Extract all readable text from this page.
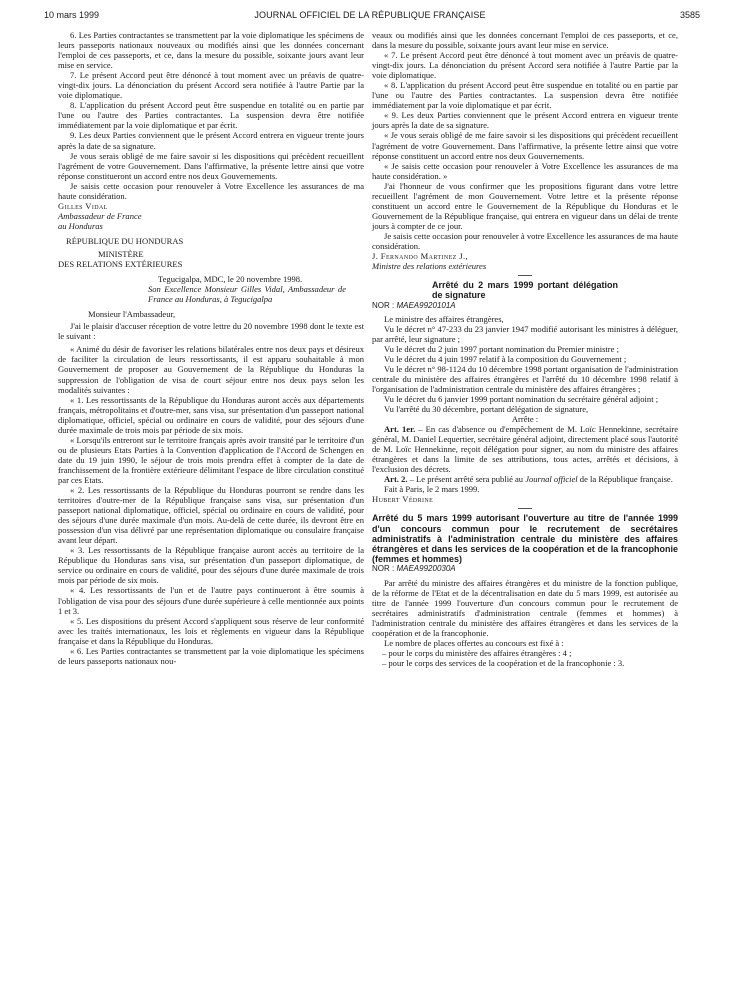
10 mars 1999	JOURNAL OFFICIEL DE LA RÉPUBLIQUE FRANÇAISE	3585

6. Les Parties contractantes se transmettent par la voie diplomatique les spécimens de leurs passeports nationaux nouveaux ou modifiés ainsi que les données concernant l'emploi de ces passeports, et ce, dans la mesure du possible, soixante jours avant leur mise en service.

7. Le présent Accord peut être dénoncé à tout moment avec un préavis de quatre-vingt-dix jours. La dénonciation du présent Accord sera notifiée à l'autre Partie par la voie diplomatique.

8. L'application du présent Accord peut être suspendue en totalité ou en partie par l'une ou l'autre des Parties contractantes. La suspension devra être notifiée immédiatement par la voie diplomatique et par écrit.

9. Les deux Parties conviennent que le présent Accord entrera en vigueur trente jours après la date de sa signature.

Je vous serais obligé de me faire savoir si les dispositions qui précèdent recueillent l'agrément de votre Gouvernement. Dans l'affirmative, la présente lettre ainsi que votre réponse constitueront un accord entre nos deux Gouvernements.

Je saisis cette occasion pour renouveler à Votre Excellence les assurances de ma haute considération.

Gilles Vidal

Ambassadeur de France

au Honduras

RÉPUBLIQUE DU HONDURAS

MINISTÈRE

DES RELATIONS EXTÉRIEURES

Tegucigalpa, MDC, le 20 novembre 1998.

Son Excellence Monsieur Gilles Vidal, Ambassadeur de France au Honduras, à Tegucigalpa

Monsieur l'Ambassadeur,

J'ai le plaisir d'accuser réception de votre lettre du 20 novembre 1998 dont le texte est le suivant :

« Animé du désir de favoriser les relations bilatérales entre nos deux pays et désireux de faciliter la circulation de leurs ressortissants, il est apparu souhaitable à mon Gouvernement de proposer au Gouvernement de la République du Honduras la suppression de l'obligation de visa de court séjour entre nos deux pays selon les modalités suivantes :

« 1. Les ressortissants de la République du Honduras auront accès aux départements français, métropolitains et d'outre-mer, sans visa, sur présentation d'un passeport national diplomatique, officiel, spécial ou ordinaire en cours de validité, pour des séjours d'une durée maximale de trois mois par période de six mois.

« Lorsqu'ils entreront sur le territoire français après avoir transité par le territoire d'un ou de plusieurs Etats Parties à la Convention d'application de l'Accord de Schengen en date du 19 juin 1990, le séjour de trois mois prendra effet à compter de la date de franchissement de la frontière extérieure délimitant l'espace de libre circulation constitué par ces Etats.

« 2. Les ressortissants de la République du Honduras pourront se rendre dans les territoires d'outre-mer de la République française sans visa, sur présentation d'un passeport national diplomatique, officiel, spécial ou ordinaire en cours de validité, pour des séjours d'une durée maximale d'un mois. Au-delà de cette durée, ils devront être en possession d'un visa délivré par une représentation diplomatique ou consulaire française avant leur départ.

« 3. Les ressortissants de la République française auront accès au territoire de la République du Honduras sans visa, sur présentation d'un passeport diplomatique, de service ou ordinaire en cours de validité, pour des séjours d'une durée maximale de trois mois par période de six mois.

« 4. Les ressortissants de l'un et de l'autre pays continueront à être soumis à l'obligation de visa pour des séjours d'une durée supérieure à celle mentionnée aux points 1 et 3.

« 5. Les dispositions du présent Accord s'appliquent sous réserve de leur conformité avec les traités internationaux, les lois et règlements en vigueur dans la République française et dans la République du Honduras.

« 6. Les Parties contractantes se transmettent par la voie diplomatique les spécimens de leurs passeports nationaux nou-

veaux ou modifiés ainsi que les données concernant l'emploi de ces passeports, et ce, dans la mesure du possible, soixante jours avant leur mise en service.

« 7. Le présent Accord peut être dénoncé à tout moment avec un préavis de quatre-vingt-dix jours. La dénonciation du présent Accord sera notifiée à l'autre Partie par la voie diplomatique.

« 8. L'application du présent Accord peut être suspendue en totalité ou en partie par l'une ou l'autre des Parties contractantes. La suspension devra être notifiée immédiatement par la voie diplomatique et par écrit.

« 9. Les deux Parties conviennent que le présent Accord entrera en vigueur trente jours après la date de sa signature.

« Je vous serais obligé de me faire savoir si les dispositions qui précèdent recueillent l'agrément de votre Gouvernement. Dans l'affirmative, la présente lettre ainsi que votre réponse constituent un accord entre nos deux Gouvernements.

« Je saisis cette occasion pour renouveler à Votre Excellence les assurances de ma haute considération. »

J'ai l'honneur de vous confirmer que les propositions figurant dans votre lettre recueillent l'agrément de mon Gouvernement. Votre lettre et la présente réponse constituent un accord entre le Gouvernement de la République du Honduras et le Gouvernement de la République française, qui entrera en vigueur dans un délai de trente jours à compter de ce jour.

Je saisis cette occasion pour renouveler à votre Excellence les assurances de ma haute considération.

J. Fernando Martinez J.,

Ministre des relations extérieures

Arrêté du 2 mars 1999 portant délégation de signature

NOR : MAEA9920101A

Le ministre des affaires étrangères,

Vu le décret n° 47-233 du 23 janvier 1947 modifié autorisant les ministres à déléguer, par arrêté, leur signature ;

Vu le décret du 2 juin 1997 portant nomination du Premier ministre ;

Vu le décret du 4 juin 1997 relatif à la composition du Gouvernement ;

Vu le décret n° 98-1124 du 10 décembre 1998 portant organisation de l'administration centrale du ministère des affaires étrangères et l'arrêté du 10 décembre 1998 relatif à l'organisation de l'administration centrale du ministère des affaires étrangères ;

Vu le décret du 6 janvier 1999 portant nomination du secrétaire général adjoint ;

Vu l'arrêté du 30 décembre, portant délégation de signature,

Arrête :

Art. 1er. – En cas d'absence ou d'empêchement de M. Loïc Hennekinne, secrétaire général, M. Daniel Lequertier, secrétaire général adjoint, directement placé sous l'autorité de M. Loïc Hennekinne, reçoit délégation pour signer, au nom du ministre des affaires étrangères et dans la limite de ses attributions, tous actes, arrêtés et décisions, à l'exclusion des décrets.

Art. 2. – Le présent arrêté sera publié au Journal officiel de la République française.

Fait à Paris, le 2 mars 1999.

Hubert Védrine

Arrêté du 5 mars 1999 autorisant l'ouverture au titre de l'année 1999 d'un concours commun pour le recrutement de secrétaires administratifs à l'administration centrale du ministère des affaires étrangères et dans les services de la coopération et de la francophonie (femmes et hommes)

NOR : MAEA9920030A

Par arrêté du ministre des affaires étrangères et du ministre de la fonction publique, de la réforme de l'Etat et de la décentralisation en date du 5 mars 1999, est autorisée au titre de l'année 1999 l'ouverture d'un concours commun pour le recrutement de secrétaires administratifs d'administration centrale (femmes et hommes) à l'administration centrale du ministère des affaires étrangères et dans les services de la coopération et de la francophonie.

Le nombre de places offertes au concours est fixé à :

– pour le corps du ministère des affaires étrangères : 4 ;

– pour le corps des services de la coopération et de la francophonie : 3.
